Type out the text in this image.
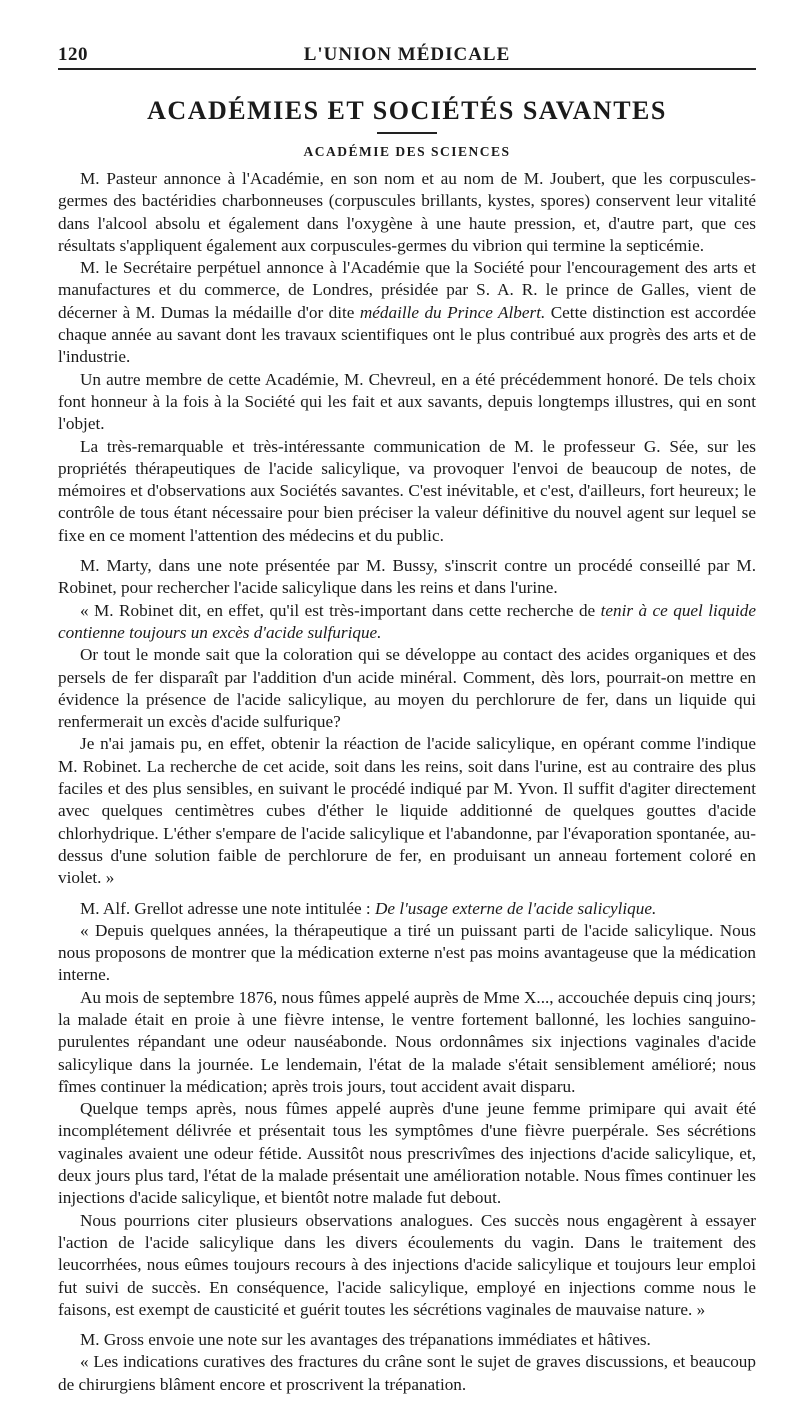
120	L'UNION MÉDICALE
ACADÉMIES ET SOCIÉTÉS SAVANTES
ACADÉMIE DES SCIENCES

M. Pasteur annonce à l'Académie, en son nom et au nom de M. Joubert, que les corpuscules-germes des bactéridies charbonneuses (corpuscules brillants, kystes, spores) conservent leur vitalité dans l'alcool absolu et également dans l'oxygène à une haute pression, et, d'autre part, que ces résultats s'appliquent également aux corpuscules-germes du vibrion qui termine la septicémie.

M. le Secrétaire perpétuel annonce à l'Académie que la Société pour l'encouragement des arts et manufactures et du commerce, de Londres, présidée par S. A. R. le prince de Galles, vient de décerner à M. Dumas la médaille d'or dite médaille du Prince Albert. Cette distinction est accordée chaque année au savant dont les travaux scientifiques ont le plus contribué aux progrès des arts et de l'industrie.

Un autre membre de cette Académie, M. Chevreul, en a été précédemment honoré. De tels choix font honneur à la fois à la Société qui les fait et aux savants, depuis longtemps illustres, qui en sont l'objet.

La très-remarquable et très-intéressante communication de M. le professeur G. Sée, sur les propriétés thérapeutiques de l'acide salicylique, va provoquer l'envoi de beaucoup de notes, de mémoires et d'observations aux Sociétés savantes. C'est inévitable, et c'est, d'ailleurs, fort heureux; le contrôle de tous étant nécessaire pour bien préciser la valeur définitive du nouvel agent sur lequel se fixe en ce moment l'attention des médecins et du public.

M. Marty, dans une note présentée par M. Bussy, s'inscrit contre un procédé conseillé par M. Robinet, pour rechercher l'acide salicylique dans les reins et dans l'urine.

« M. Robinet dit, en effet, qu'il est très-important dans cette recherche de tenir à ce quel liquide contienne toujours un excès d'acide sulfurique.

Or tout le monde sait que la coloration qui se développe au contact des acides organiques et des persels de fer disparaît par l'addition d'un acide minéral. Comment, dès lors, pourrait-on mettre en évidence la présence de l'acide salicylique, au moyen du perchlorure de fer, dans un liquide qui renfermerait un excès d'acide sulfurique?

Je n'ai jamais pu, en effet, obtenir la réaction de l'acide salicylique, en opérant comme l'indique M. Robinet. La recherche de cet acide, soit dans les reins, soit dans l'urine, est au contraire des plus faciles et des plus sensibles, en suivant le procédé indiqué par M. Yvon. Il suffit d'agiter directement avec quelques centimètres cubes d'éther le liquide additionné de quelques gouttes d'acide chlorhydrique. L'éther s'empare de l'acide salicylique et l'abandonne, par l'évaporation spontanée, au-dessus d'une solution faible de perchlorure de fer, en produisant un anneau fortement coloré en violet. »

M. Alf. Grellot adresse une note intitulée : De l'usage externe de l'acide salicylique.

« Depuis quelques années, la thérapeutique a tiré un puissant parti de l'acide salicylique. Nous nous proposons de montrer que la médication externe n'est pas moins avantageuse que la médication interne.

Au mois de septembre 1876, nous fûmes appelé auprès de Mme X..., accouchée depuis cinq jours; la malade était en proie à une fièvre intense, le ventre fortement ballonné, les lochies sanguino-purulentes répandant une odeur nauséabonde. Nous ordonnâmes six injections vaginales d'acide salicylique dans la journée. Le lendemain, l'état de la malade s'était sensiblement amélioré; nous fîmes continuer la médication; après trois jours, tout accident avait disparu.

Quelque temps après, nous fûmes appelé auprès d'une jeune femme primipare qui avait été incomplétement délivrée et présentait tous les symptômes d'une fièvre puerpérale. Ses sécrétions vaginales avaient une odeur fétide. Aussitôt nous prescrivîmes des injections d'acide salicylique, et, deux jours plus tard, l'état de la malade présentait une amélioration notable. Nous fîmes continuer les injections d'acide salicylique, et bientôt notre malade fut debout.

Nous pourrions citer plusieurs observations analogues. Ces succès nous engagèrent à essayer l'action de l'acide salicylique dans les divers écoulements du vagin. Dans le traitement des leucorrhées, nous eûmes toujours recours à des injections d'acide salicylique et toujours leur emploi fut suivi de succès. En conséquence, l'acide salicylique, employé en injections comme nous le faisons, est exempt de causticité et guérit toutes les sécrétions vaginales de mauvaise nature. »

M. Gross envoie une note sur les avantages des trépanations immédiates et hâtives.

« Les indications curatives des fractures du crâne sont le sujet de graves discussions, et beaucoup de chirurgiens blâment encore et proscrivent la trépanation.
